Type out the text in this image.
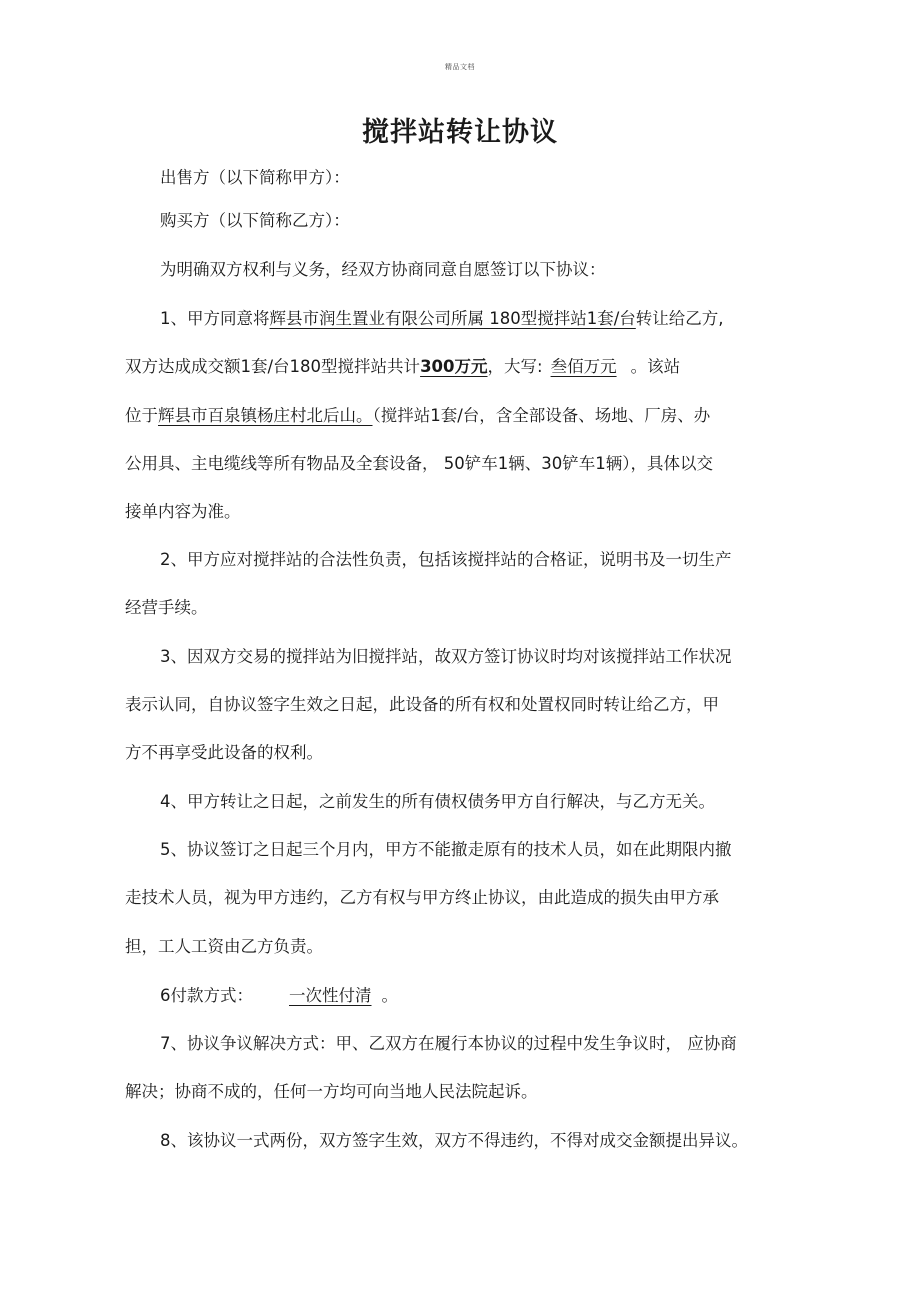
精品文档
搅拌站转让协议
出售方（以下简称甲方）：
购买方（以下简称乙方）：
为明确双方权利与义务，经双方协商同意自愿签订以下协议：
1、甲方同意将辉县市润生置业有限公司所属 180型搅拌站1套/台转让给乙方,
双方达成成交额1套/台180型搅拌站共计300万元，大写: 叁佰万元 。该站
位于辉县市百泉镇杨庄村北后山。（搅拌站1套/台，含全部设备、场地、厂房、办
公用具、主电缆线等所有物品及全套设备， 50铲车1辆、30铲车1辆），具体以交
接单内容为准。
2、甲方应对搅拌站的合法性负责，包括该搅拌站的合格证，说明书及一切生产
经营手续。
3、因双方交易的搅拌站为旧搅拌站，故双方签订协议时均对该搅拌站工作状况
表示认同，自协议签字生效之日起，此设备的所有权和处置权同时转让给乙方，甲
方不再享受此设备的权利。
4、甲方转让之日起，之前发生的所有债权债务甲方自行解决，与乙方无关。
5、协议签订之日起三个月内，甲方不能撤走原有的技术人员，如在此期限内撤
走技术人员，视为甲方违约，乙方有权与甲方终止协议，由此造成的损失由甲方承
担，工人工资由乙方负责。
6付款方式： 一次性付清 。
7、协议争议解决方式：甲、乙双方在履行本协议的过程中发生争议时， 应协商
解决；协商不成的，任何一方均可向当地人民法院起诉。
8、该协议一式两份，双方签字生效，双方不得违约，不得对成交金额提出异议。
